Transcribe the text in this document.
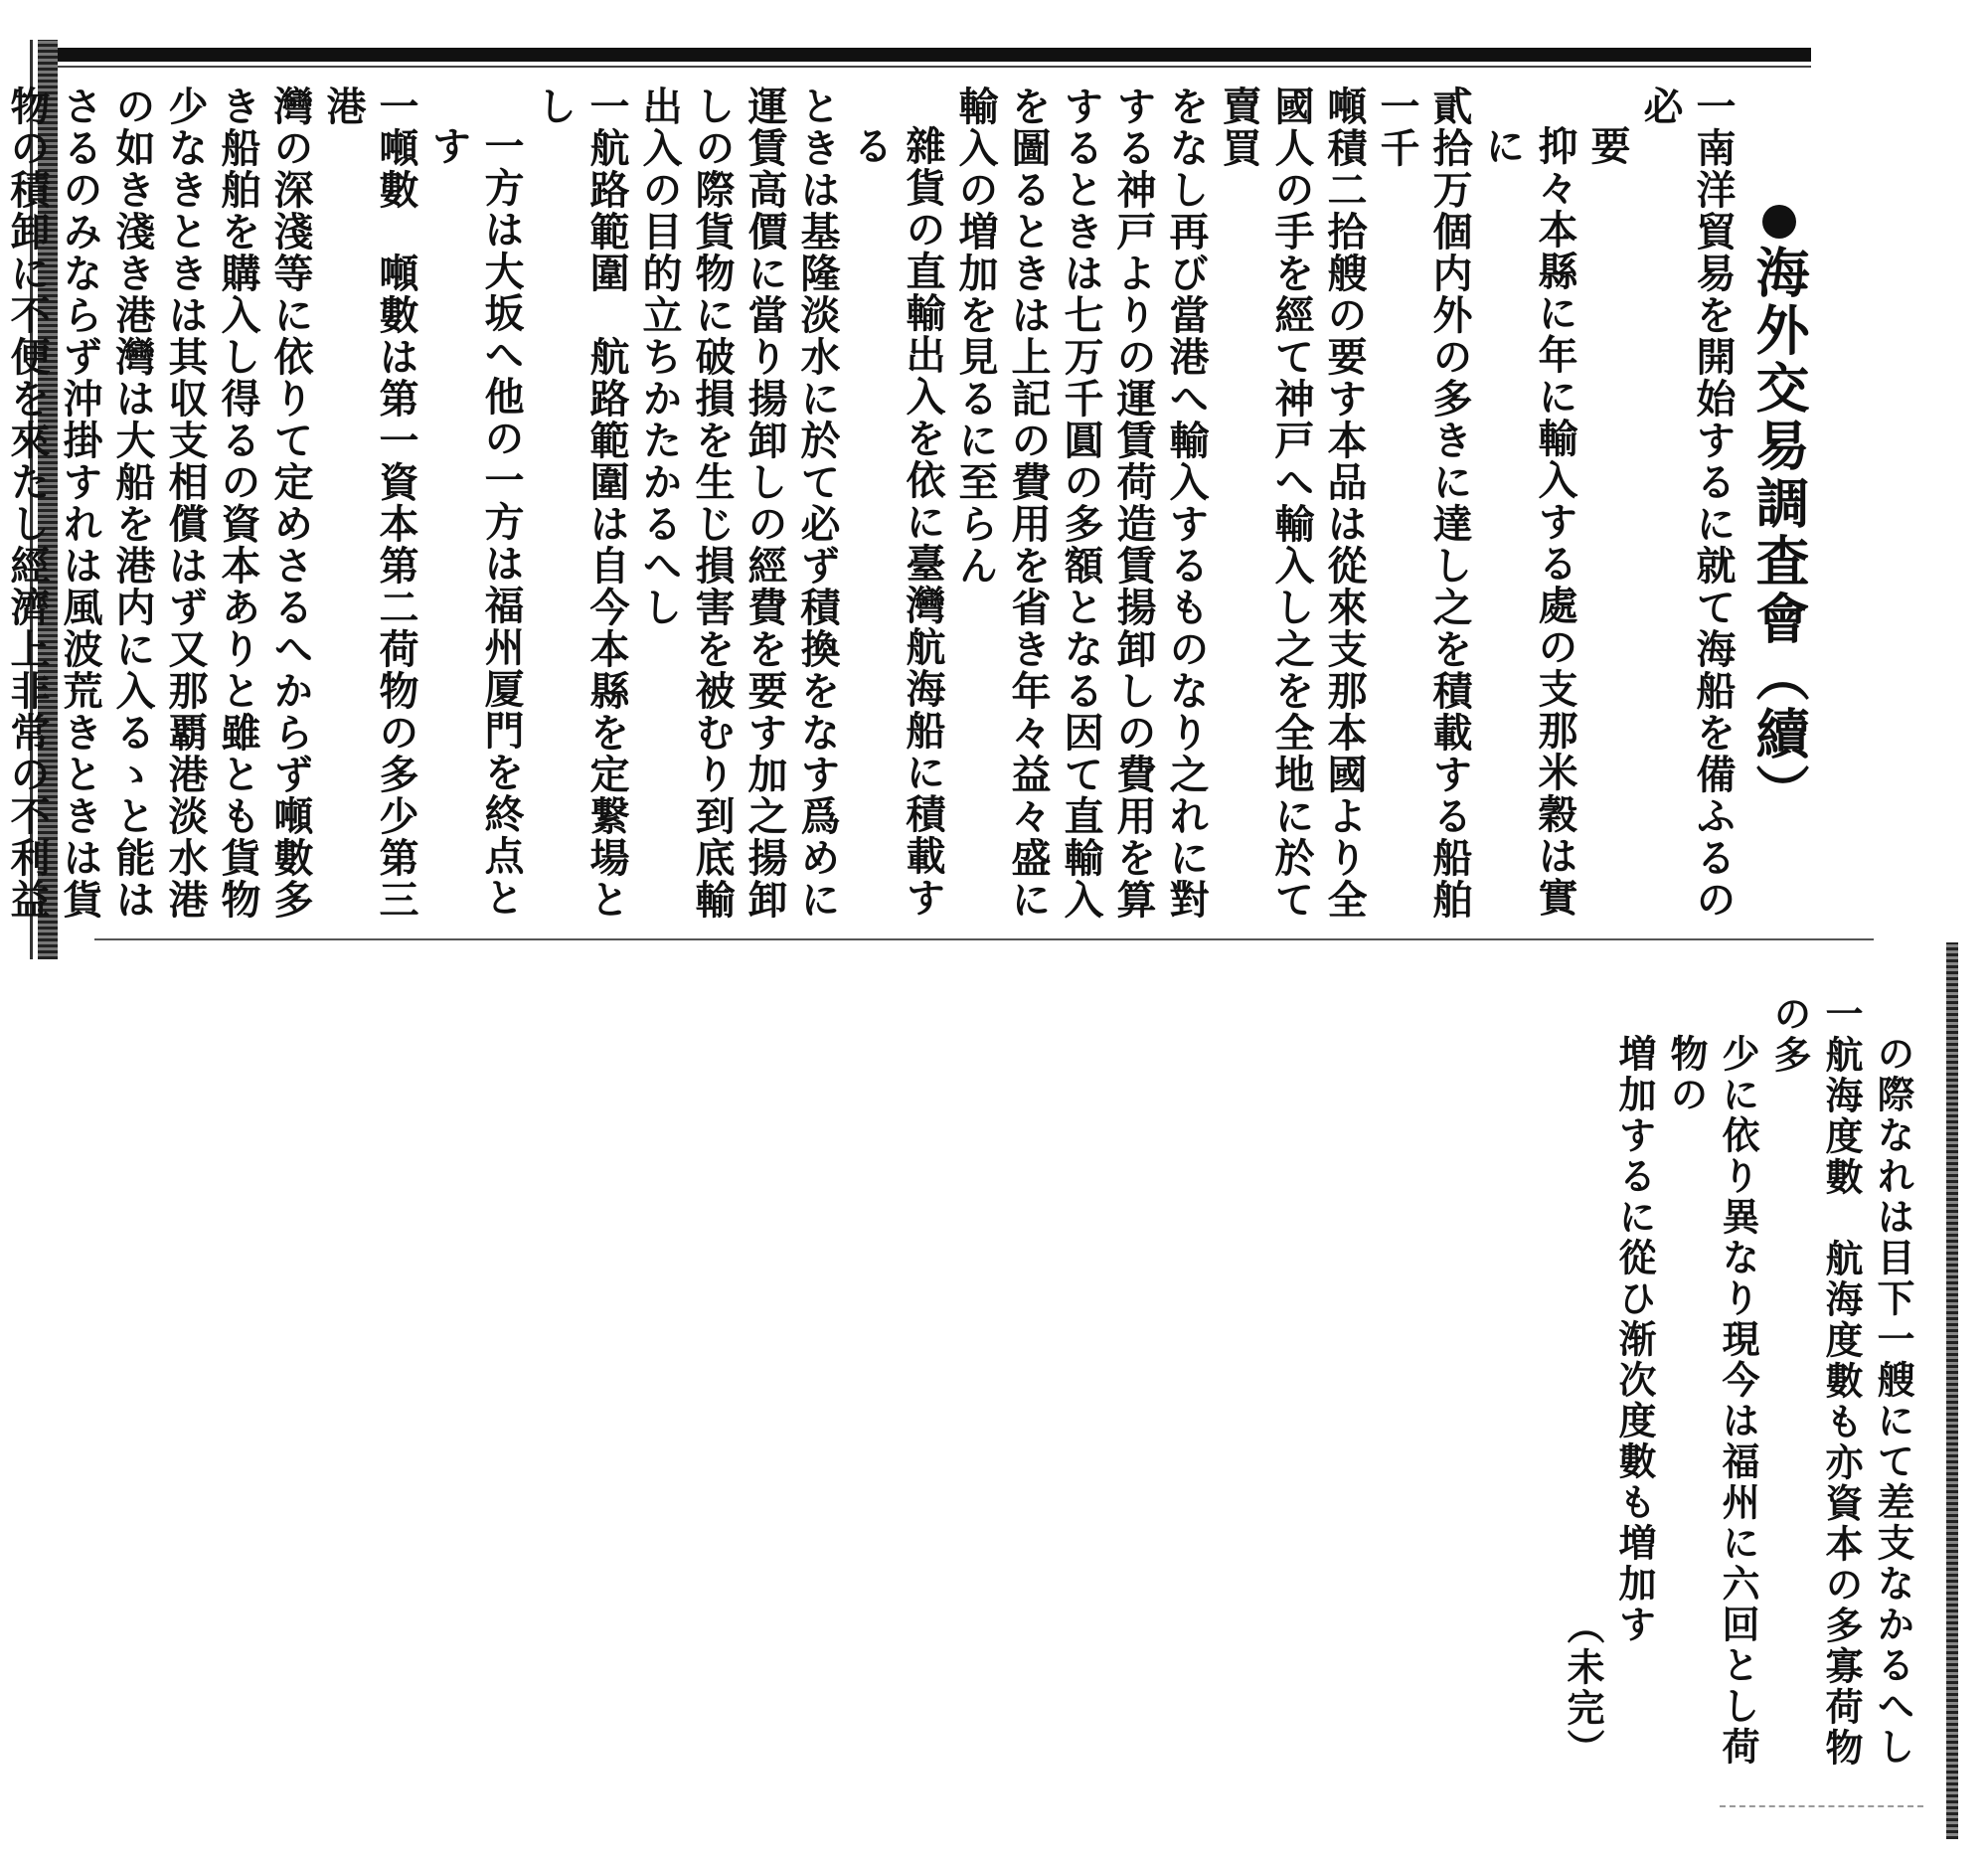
海外交易調査會（續）
一南洋貿易を開始するに就て海船を備ふるの必
要
抑々本縣に年に輸入する處の支那米穀は實に
貳拾万個内外の多きに達し之を積載する船舶一千
噸積二拾艘の要す本品は從來支那本國より全
國人の手を經て神戸へ輸入し之を全地に於て賣買
をなし再び當港へ輸入するものなり之れに對
する神戸よりの運賃荷造賃揚卸しの費用を算
するときは七万千圓の多額となる因て直輸入
を圖るときは上記の費用を省き年々益々盛に
輸入の増加を見るに至らん
雜貨の直輸出入を依に臺灣航海船に積載する
ときは基隆淡水に於て必ず積換をなす爲めに
運賃高價に當り揚卸しの經費を要す加之揚卸
しの際貨物に破損を生じ損害を被むり到底輸
出入の目的立ちかたかるへし
一航路範圍　航路範圍は自今本縣を定繋場とし
一方は大坂へ他の一方は福州厦門を終点とす
一噸數　噸數は第一資本第二荷物の多少第三港
灣の深淺等に依りて定めさるへからず噸數多
き船舶を購入し得るの資本ありと雖とも貨物
少なきときは其収支相償はず又那覇港淡水港
の如き淺き港灣は大船を港内に入るゝと能は
さるのみならず沖掛すれは風波荒きときは貨
物の積卸に不便を來たし經濟上非常の不利益
の際なれは目下一艘にて差支なかるへし
一航海度數　航海度數も亦資本の多寡荷物の多
少に依り異なり現今は福州に六回とし荷物の
増加するに從ひ渐次度數も増加す
（未完）
